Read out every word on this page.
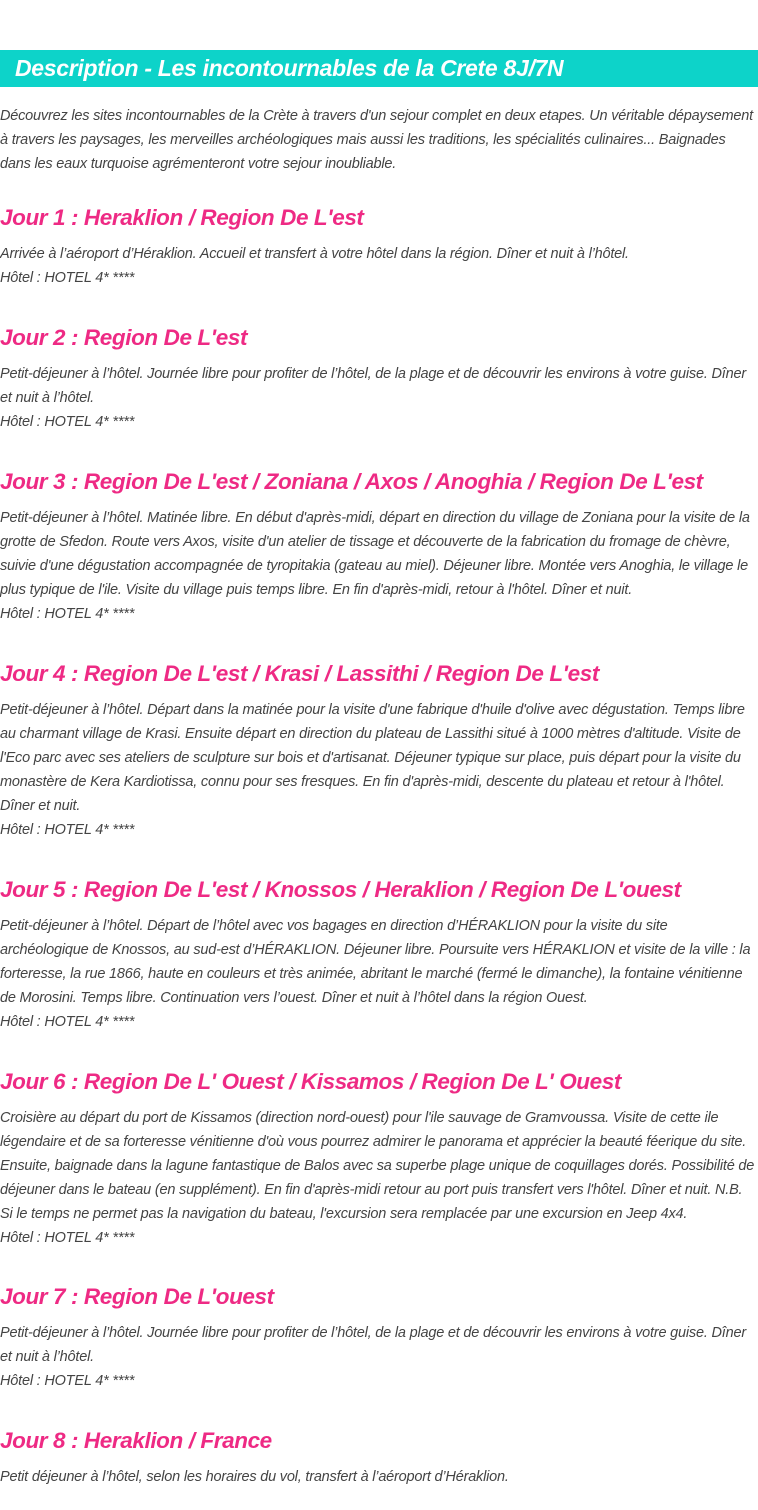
Description - Les incontournables de la Crete 8J/7N

Découvrez les sites incontournables de la Crète à travers d'un sejour complet en deux etapes. Un véritable dépaysement à travers les paysages, les merveilles archéologiques mais aussi les traditions, les spécialités culinaires... Baignades dans les eaux turquoise agrémenteront votre sejour inoubliable.

Jour 1 : Heraklion / Region De L'est

Arrivée à l’aéroport d’Héraklion. Accueil et transfert à votre hôtel dans la région. Dîner et nuit à l’hôtel.

Hôtel : HOTEL 4* ****

Jour 2 : Region De L'est

Petit-déjeuner à l’hôtel. Journée libre pour profiter de l’hôtel, de la plage et de découvrir les environs à votre guise. Dîner et nuit à l’hôtel.

Hôtel : HOTEL 4* ****

Jour 3 : Region De L'est / Zoniana / Axos / Anoghia / Region De L'est

Petit-déjeuner à l’hôtel. Matinée libre. En début d'après-midi, départ en direction du village de Zoniana pour la visite de la grotte de Sfedon. Route vers Axos, visite d'un atelier de tissage et découverte de la fabrication du fromage de chèvre, suivie d'une dégustation accompagnée de tyropitakia (gateau au miel). Déjeuner libre. Montée vers Anoghia, le village le plus typique de l'ile. Visite du village puis temps libre. En fin d'après-midi, retour à l'hôtel. Dîner et nuit.

Hôtel : HOTEL 4* ****

Jour 4 : Region De L'est / Krasi / Lassithi / Region De L'est

Petit-déjeuner à l’hôtel. Départ dans la matinée pour la visite d'une fabrique d'huile d'olive avec dégustation. Temps libre au charmant village de Krasi. Ensuite départ en direction du plateau de Lassithi situé à 1000 mètres d'altitude. Visite de l'Eco parc avec ses ateliers de sculpture sur bois et d'artisanat. Déjeuner typique sur place, puis départ pour la visite du monastère de Kera Kardiotissa, connu pour ses fresques. En fin d'après-midi, descente du plateau et retour à l'hôtel. Dîner et nuit.

Hôtel : HOTEL 4* ****

Jour 5 : Region De L'est / Knossos / Heraklion / Region De L'ouest

Petit-déjeuner à l’hôtel. Départ de l’hôtel avec vos bagages en direction d’HÉRAKLION pour la visite du site archéologique de Knossos, au sud-est d’HÉRAKLION. Déjeuner libre. Poursuite vers HÉRAKLION et visite de la ville : la forteresse, la rue 1866, haute en couleurs et très animée, abritant le marché (fermé le dimanche), la fontaine vénitienne de Morosini. Temps libre. Continuation vers l’ouest. Dîner et nuit à l’hôtel dans la région Ouest.

Hôtel : HOTEL 4* ****

Jour 6 : Region De L' Ouest / Kissamos / Region De L' Ouest

Croisière au départ du port de Kissamos (direction nord-ouest) pour l'ile sauvage de Gramvoussa. Visite de cette ile légendaire et de sa forteresse vénitienne d'où vous pourrez admirer le panorama et apprécier la beauté féerique du site. Ensuite, baignade dans la lagune fantastique de Balos avec sa superbe plage unique de coquillages dorés. Possibilité de déjeuner dans le bateau (en supplément). En fin d'après-midi retour au port puis transfert vers l'hôtel. Dîner et nuit. N.B. Si le temps ne permet pas la navigation du bateau, l'excursion sera remplacée par une excursion en Jeep 4x4.

Hôtel : HOTEL 4* ****

Jour 7 : Region De L'ouest

Petit-déjeuner à l’hôtel. Journée libre pour profiter de l’hôtel, de la plage et de découvrir les environs à votre guise. Dîner et nuit à l’hôtel.

Hôtel : HOTEL 4* ****

Jour 8 : Heraklion / France

Petit déjeuner à l’hôtel, selon les horaires du vol, transfert à l’aéroport d’Héraklion.
